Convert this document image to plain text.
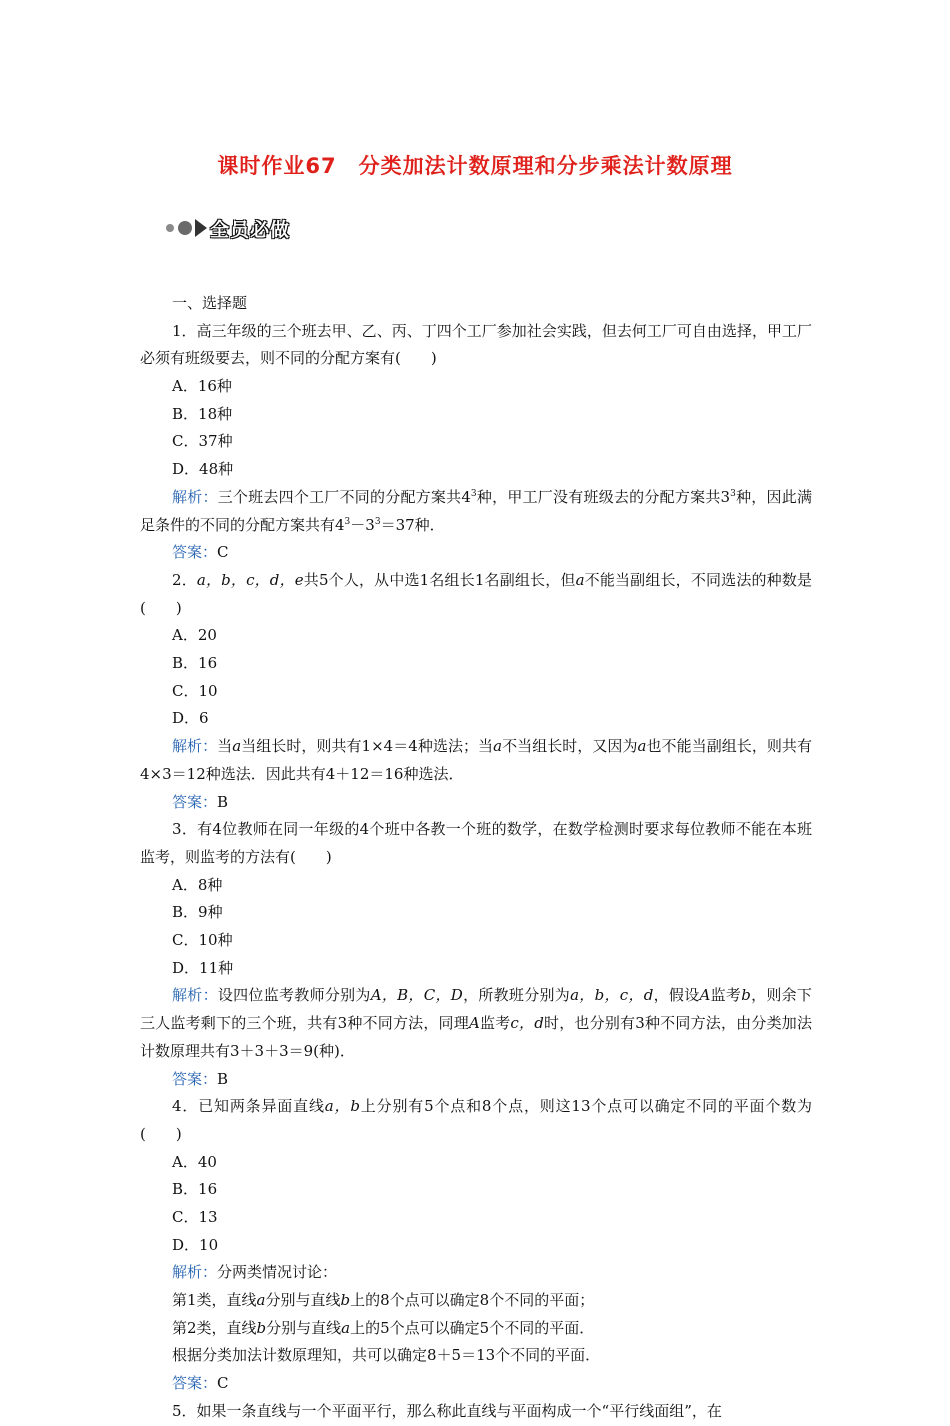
课时作业67　分类加法计数原理和分步乘法计数原理
全员必做

一、选择题

1．高三年级的三个班去甲、乙、丙、丁四个工厂参加社会实践，但去何工厂可自由选择，甲工厂必须有班级要去，则不同的分配方案有(　　)

A．16种
B．18种
C．37种
D．48种

解析：三个班去四个工厂不同的分配方案共$4^3$种，甲工厂没有班级去的分配方案共$3^3$种，因此满足条件的不同的分配方案共有$4^3-3^3=37$种．

答案：C

2．a，b，c，d，e共5个人，从中选1名组长1名副组长，但a不能当副组长，不同选法的种数是(　　)

A．20
B．16
C．10
D．6

解析：当a当组长时，则共有1×4＝4种选法；当a不当组长时，又因为a也不能当副组长，则共有4×3＝12种选法．因此共有4＋12＝16种选法．

答案：B

3．有4位教师在同一年级的4个班中各教一个班的数学，在数学检测时要求每位教师不能在本班监考，则监考的方法有(　　)

A．8种
B．9种
C．10种
D．11种

解析：设四位监考教师分别为A，B，C，D，所教班分别为a，b，c，d，假设A监考b，则余下三人监考剩下的三个班，共有3种不同方法，同理A监考c，d时，也分别有3种不同方法，由分类加法计数原理共有3＋3＋3＝9(种)．

答案：B

4．已知两条异面直线a，b上分别有5个点和8个点，则这13个点可以确定不同的平面个数为(　　)

A．40
B．16
C．13
D．10

解析：分两类情况讨论：

第1类，直线a分别与直线b上的8个点可以确定8个不同的平面；

第2类，直线b分别与直线a上的5个点可以确定5个不同的平面．

根据分类加法计数原理知，共可以确定8＋5＝13个不同的平面．

答案：C

5．如果一条直线与一个平面平行，那么称此直线与平面构成一个“平行线面组”，在
